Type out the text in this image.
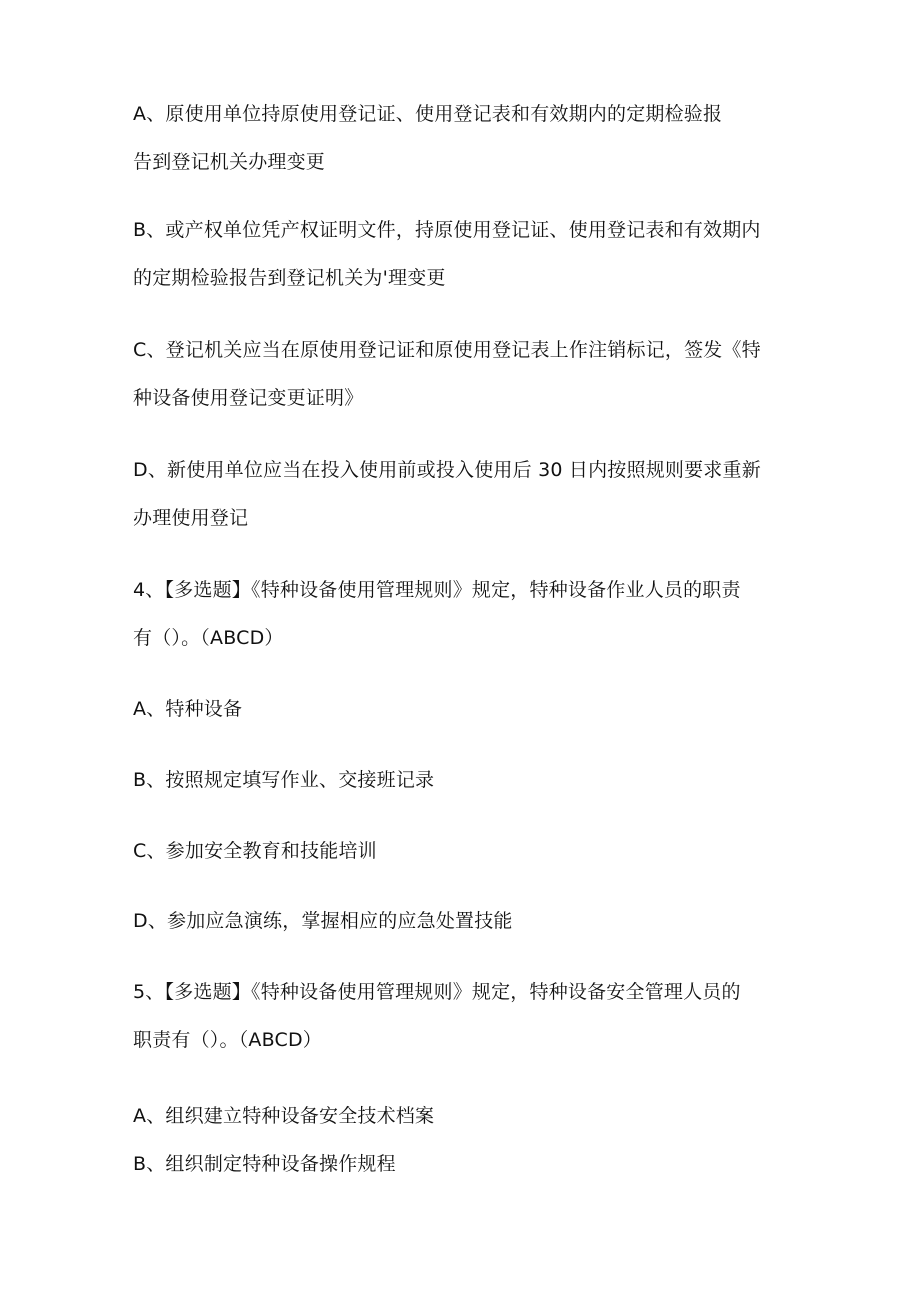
A、原使用单位持原使用登记证、使用登记表和有效期内的定期检验报
告到登记机关办理变更
B、或产权单位凭产权证明文件，持原使用登记证、使用登记表和有效期内
的定期检验报告到登记机关为'理变更
C、登记机关应当在原使用登记证和原使用登记表上作注销标记，签发《特
种设备使用登记变更证明》
D、新使用单位应当在投入使用前或投入使用后 30 日内按照规则要求重新
办理使用登记
4、【多选题】《特种设备使用管理规则》规定，特种设备作业人员的职责
有（）。（ABCD）
A、特种设备
B、按照规定填写作业、交接班记录
C、参加安全教育和技能培训
D、参加应急演练，掌握相应的应急处置技能
5、【多选题】《特种设备使用管理规则》规定，特种设备安全管理人员的
职责有（）。（ABCD）
A、组织建立特种设备安全技术档案
B、组织制定特种设备操作规程
